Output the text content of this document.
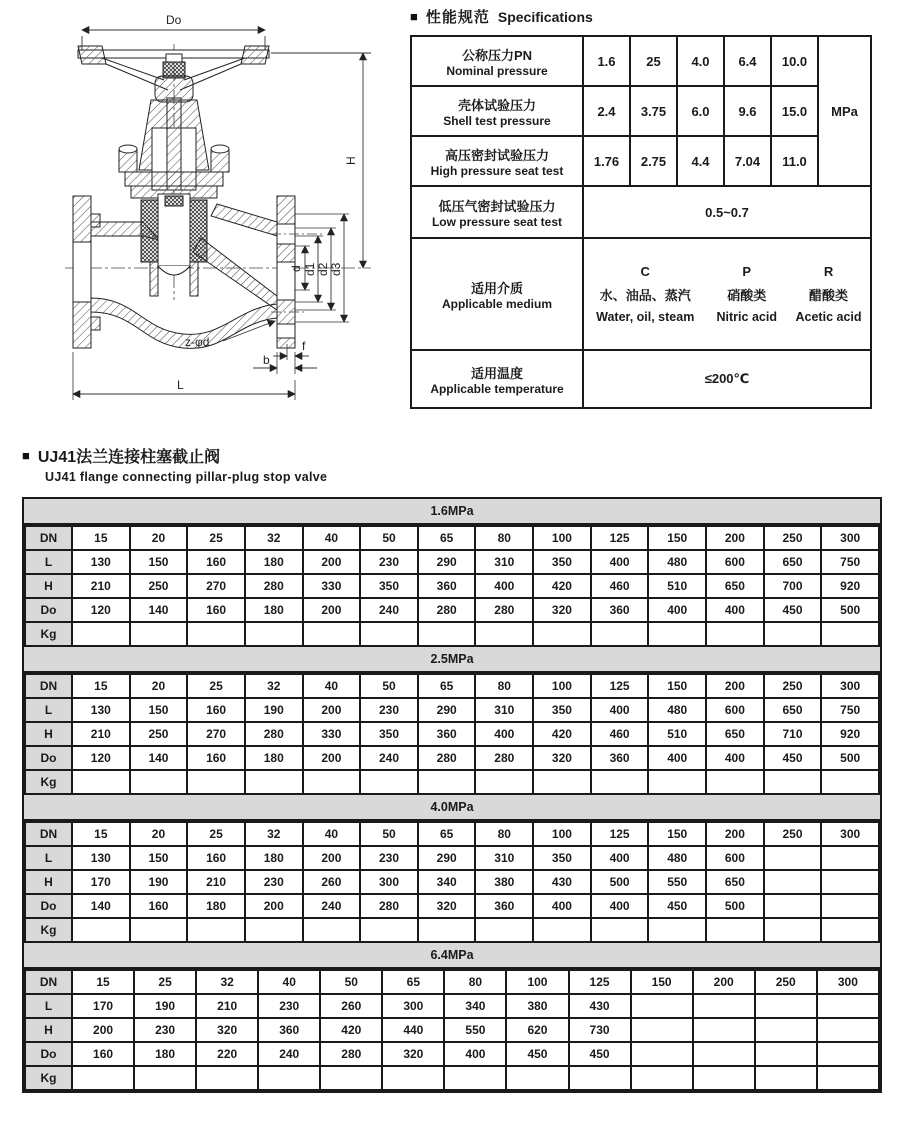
Do
H
d d1 d2 d3
z-φd
b
f
L
■ 性能规范 Specifications
公称压力PN
Nominal pressure	1.6	25	4.0	6.4	10.0	MPa

壳体试验压力
Shell test pressure	2.4	3.75	6.0	9.6	15.0	

高压密封试验压力
High pressure seat test	1.76	2.75	4.4	7.04	11.0	

低压气密封试验压力
Low pressure seat test	0.5~0.7					

适用介质
Applicable medium

C
水、油品、蒸汽
Water, oil, steam
P
硝酸类
Nitric acid
R
醋酸类
Acetic acid

适用温度
Applicable temperature	≤200℃					
■ UJ41法兰连接柱塞截止阀
UJ41 flange connecting pillar-plug stop valve
1.6MPa
DN	15	20	25	32	40	50	65	80	100	125	150	200	250	300
L	130	150	160	180	200	230	290	310	350	400	480	600	650	750
H	210	250	270	280	330	350	360	400	420	460	510	650	700	920
Do	120	140	160	180	200	240	280	280	320	360	400	400	450	500
Kg														
2.5MPa
DN	15	20	25	32	40	50	65	80	100	125	150	200	250	300
L	130	150	160	190	200	230	290	310	350	400	480	600	650	750
H	210	250	270	280	330	350	360	400	420	460	510	650	710	920
Do	120	140	160	180	200	240	280	280	320	360	400	400	450	500
Kg														
4.0MPa
DN	15	20	25	32	40	50	65	80	100	125	150	200	250	300
L	130	150	160	180	200	230	290	310	350	400	480	600		
H	170	190	210	230	260	300	340	380	430	500	550	650		
Do	140	160	180	200	240	280	320	360	400	400	450	500		
Kg														
6.4MPa
DN	15	25	32	40	50	65	80	100	125	150	200	250	300
L	170	190	210	230	260	300	340	380	430				
H	200	230	320	360	420	440	550	620	730				
Do	160	180	220	240	280	320	400	450	450				
Kg													
